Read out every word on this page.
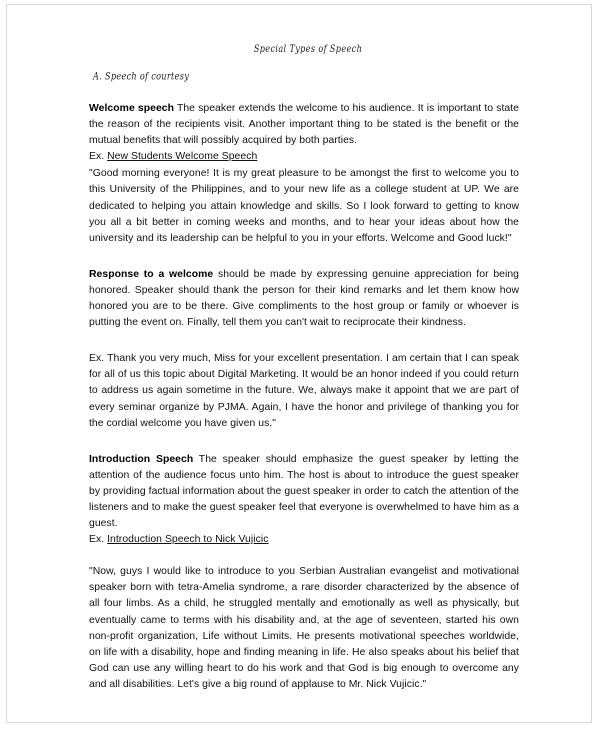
Special Types of Speech
A. Speech of courtesy

Welcome speech The speaker extends the welcome to his audience. It is important to state the reason of the recipients visit. Another important thing to be stated is the benefit or the mutual benefits that will possibly acquired by both parties.

Ex. New Students Welcome Speech

"Good morning everyone! It is my great pleasure to be amongst the first to welcome you to this University of the Philippines, and to your new life as a college student at UP. We are dedicated to helping you attain knowledge and skills. So I look forward to getting to know you all a bit better in coming weeks and months, and to hear your ideas about how the university and its leadership can be helpful to you in your efforts. Welcome and Good luck!"

Response to a welcome should be made by expressing genuine appreciation for being honored. Speaker should thank the person for their kind remarks and let them know how honored you are to be there. Give compliments to the host group or family or whoever is putting the event on. Finally, tell them you can't wait to reciprocate their kindness.

Ex. Thank you very much, Miss for your excellent presentation. I am certain that I can speak for all of us this topic about Digital Marketing. It would be an honor indeed if you could return to address us again sometime in the future. We, always make it appoint that we are part of every seminar organize by PJMA. Again, I have the honor and privilege of thanking you for the cordial welcome you have given us."

Introduction Speech The speaker should emphasize the guest speaker by letting the attention of the audience focus unto him. The host is about to introduce the guest speaker by providing factual information about the guest speaker in order to catch the attention of the listeners and to make the guest speaker feel that everyone is overwhelmed to have him as a guest.

Ex. Introduction Speech to Nick Vujicic

"Now, guys I would like to introduce to you Serbian Australian evangelist and motivational speaker born with tetra-Amelia syndrome, a rare disorder characterized by the absence of all four limbs. As a child, he struggled mentally and emotionally as well as physically, but eventually came to terms with his disability and, at the age of seventeen, started his own non-profit organization, Life without Limits. He presents motivational speeches worldwide, on life with a disability, hope and finding meaning in life. He also speaks about his belief that God can use any willing heart to do his work and that God is big enough to overcome any and all disabilities. Let's give a big round of applause to Mr. Nick Vujicic."
